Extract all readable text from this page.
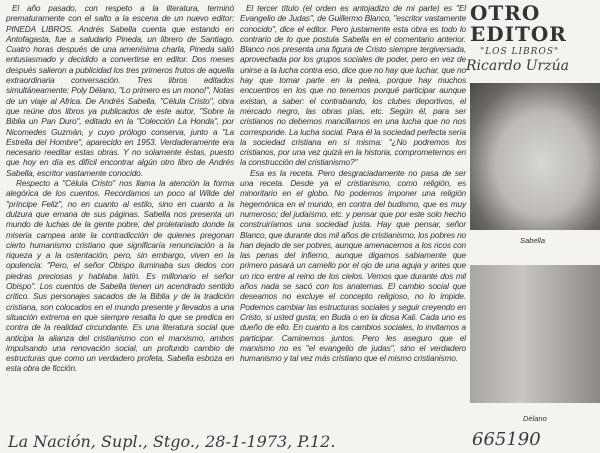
El año pasado, con respeto a la literatura, terminó prematuramente con el salto a la escena de un nuevo editor: PINEDA LIBROS. Andrés Sabella cuenta que estando en Antofagasta, fue a saludarlo Pineda, un librero de Santiago. Cuatro horas después de una amenísima charla, Pineda salió entusiasmado y decidido a convertirse en editor. Dos meses después salieron a publicidad los tres primeros frutos de aquella extraordinaria conversación. Tres libros editados simultáneamente: Poly Délano, "Lo primero es un mono!", Notas de un viaje al Africa. De Andrés Sabella, "Célula Cristo", obra que reúne dos libros ya publicados de este autor, "Sobre la Biblia un Pan Duro", editado en la "Colección La Honda", por Nicomedes Guzmán, y cuyo prólogo conserva, junto a "La Estrella del Hombre", aparecido en 1953. Verdaderamente era necesario reeditar estas obras. Y no solamente éstas, puesto que hoy en día es difícil encontrar algún otro libro de Andrés Sabella, escritor vastamente conocido.

Respecto a "Célula Cristo" nos llama la atención la forma alegórica de los cuentos. Recordamos un poco al Wilde del "príncipe Feliz", no en cuanto al estilo, sino en cuanto a la dulzura que emana de sus páginas. Sabella nos presenta un mundo de luchas de la gente pobre, del proletariado donde la miseria campea ante la contradicción de quienes pregonan cierto humanismo cristiano que significaría renunciación a la riqueza y a la ostentación, pero, sin embargo, viven en la opulencia: "Pero, el señor Obispo iluminaba sus dedos con piedras preciosas y hablaba latín. Es millonario el señor Obispo". Los cuentos de Sabella tienen un acendrado sentido crítico. Sus personajes sacados de la Biblia y de la tradición cristiana, son colocados en el mundo presente y llevados a una situación extrema en que siempre resalta lo que se predica en contra de la realidad circundante. Es una literatura social que anticipa la alianza del cristianismo con el marxismo, ambos impulsando una renovación social, un profundo cambio de estructuras que como un verdadero profeta, Sabella esboza en esta obra de ficción.

El tercer título (el orden es antojadizo de mi parte) es "El Evangelio de Judas", de Guillermo Blanco, "escritor vastamente conocido", dice el editor. Pero justamente esta obra es todo lo contrario de lo que postula Sabella en el comentario anterior. Blanco nos presenta una figura de Cristo siempre tergiversada, aprovechada por los grupos sociales de poder, pero en vez de unirse a la lucha contra eso, dice que no hay que luchar, que no hay que tomar parte en la pelea, porque hay muchos encuentros en los que no tenemos porqué participar aunque existan, a saber: el contrabando, los clubes deportivos, el mercado negro, las obras pías, etc. Según él, para ser cristianos no debemos mancillarnos en una lucha que no nos corresponde. La lucha social. Para él la sociedad perfecta sería la sociedad cristiana en sí misma: "¿No podremos los cristianos, por una vez quizá en la historia, comprometernos en la construcción del cristianismo?"

Esa es la receta. Pero desgraciadamente no pasa de ser una receta. Desde ya el cristianismo, como religión, es minoritario en el globo. No podemos imponer una religión hegemónica en el mundo, en contra del budismo, que es muy numeroso; del judaísmo, etc. y pensar que por este solo hecho construiríamos una sociedad justa. Hay que pensar, señor Blanco, que durante dos mil años de cristianismo, los pobres no han dejado de ser pobres, aunque amenacemos a los ricos con las penas del infierno, aunque digamos sabiamente que primero pasará un camello por el ojo de una aguja y antes que un rico entre al reino de los cielos. Vemos que durante dos mil años nada se sacó con los anatemas. El cambio social que deseamos no excluye el concepto religioso, no lo impide. Podemos cambiar las estructuras sociales y seguir creyendo en Cristo, si usted gusta; en Buda o en la diosa Kali. Cada uno es dueño de ello. En cuanto a los cambios sociales, lo invitamos a participar. Caminemos juntos. Pero les aseguro que el marxismo no es "el evangelio de judas", sino el verdadero humanismo y tal vez más cristiano que el mismo cristianismo.

OTRO
EDITOR
"LOS LIBROS"
Ricardo Urzúa
Sabella
Délano
La Nación, Supl., Stgo., 28-1-1973, P.12.	665190
